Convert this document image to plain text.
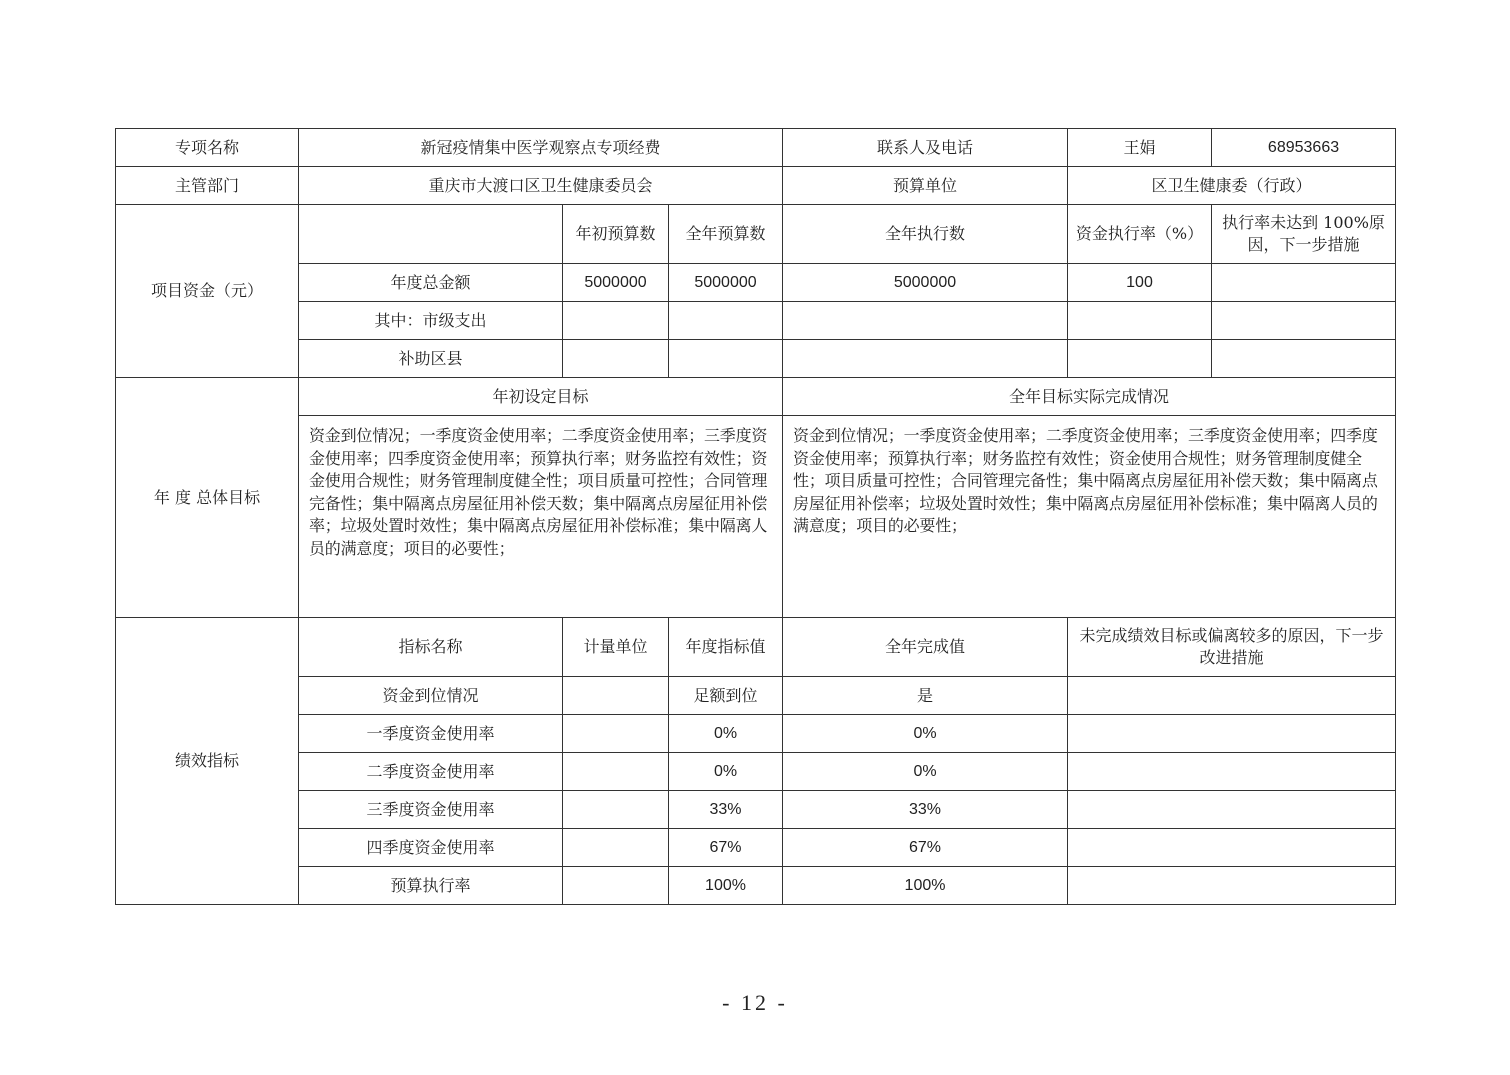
专项名称	新冠疫情集中医学观察点专项经费			联系人及电话	王娟	68953663
主管部门	重庆市大渡口区卫生健康委员会			预算单位	区卫生健康委（行政）	
项目资金（元）		年初预算数	全年预算数	全年执行数	资金执行率（%）	执行率未达到 100%原因，下一步措施
	年度总金额	5000000	5000000	5000000	100	
	其中：市级支出					
	补助区县					
年 度 总体目标	年初设定目标			全年目标实际完成情况		
	资金到位情况；一季度资金使用率；二季度资金使用率；三季度资金使用率；四季度资金使用率；预算执行率；财务监控有效性；资金使用合规性；财务管理制度健全性；项目质量可控性；合同管理完备性；集中隔离点房屋征用补偿天数；集中隔离点房屋征用补偿率；垃圾处置时效性；集中隔离点房屋征用补偿标准；集中隔离人员的满意度；项目的必要性；			资金到位情况；一季度资金使用率；二季度资金使用率；三季度资金使用率；四季度资金使用率；预算执行率；财务监控有效性；资金使用合规性；财务管理制度健全性；项目质量可控性；合同管理完备性；集中隔离点房屋征用补偿天数；集中隔离点房屋征用补偿率；垃圾处置时效性；集中隔离点房屋征用补偿标准；集中隔离人员的满意度；项目的必要性；		
绩效指标	指标名称	计量单位	年度指标值	全年完成值	未完成绩效目标或偏离较多的原因，下一步改进措施	
	资金到位情况		足额到位	是		
	一季度资金使用率		0%	0%		
	二季度资金使用率		0%	0%		
	三季度资金使用率		33%	33%		
	四季度资金使用率		67%	67%		
	预算执行率		100%	100%		
- 12 -
